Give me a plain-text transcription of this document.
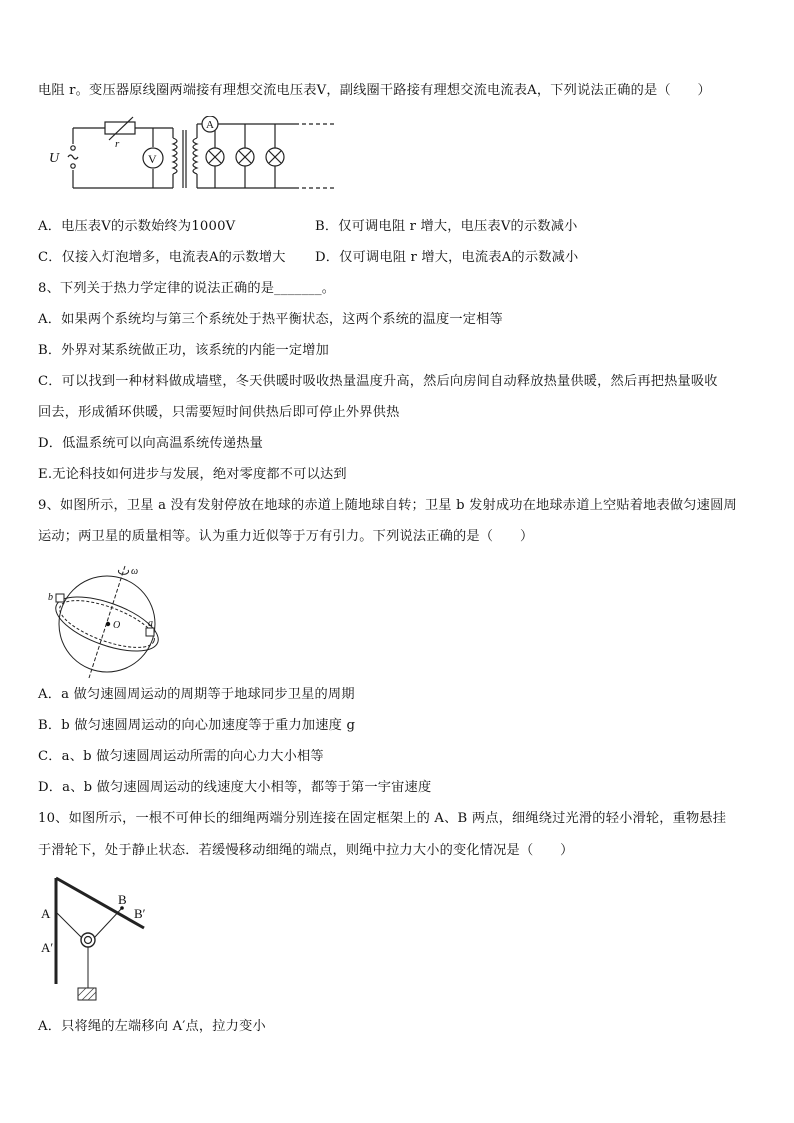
电阻 r。变压器原线圈两端接有理想交流电压表V，副线圈干路接有理想交流电流表A，下列说法正确的是（　　）
U
r
V
A
A．电压表V的示数始终为1000V	B．仅可调电阻 r 增大，电压表V的示数减小
C．仅接入灯泡增多，电流表A的示数增大 D．仅可调电阻 r 增大，电流表A的示数减小
8、下列关于热力学定律的说法正确的是_______。
A．如果两个系统均与第三个系统处于热平衡状态，这两个系统的温度一定相等
B．外界对某系统做正功，该系统的内能一定增加
C．可以找到一种材料做成墙壁，冬天供暖时吸收热量温度升高，然后向房间自动释放热量供暖，然后再把热量吸收
回去，形成循环供暖，只需要短时间供热后即可停止外界供热
D．低温系统可以向高温系统传递热量
E.无论科技如何进步与发展，绝对零度都不可以达到
9、如图所示，卫星 a 没有发射停放在地球的赤道上随地球自转；卫星 b 发射成功在地球赤道上空贴着地表做匀速圆周
运动；两卫星的质量相等。认为重力近似等于万有引力。下列说法正确的是（　　）
ω
O
b
a
A．a 做匀速圆周运动的周期等于地球同步卫星的周期
B．b 做匀速圆周运动的向心加速度等于重力加速度 g
C．a、b 做匀速圆周运动所需的向心力大小相等
D．a、b 做匀速圆周运动的线速度大小相等，都等于第一宇宙速度
10、如图所示，一根不可伸长的细绳两端分别连接在固定框架上的 A、B 两点，细绳绕过光滑的轻小滑轮，重物悬挂
于滑轮下，处于静止状态．若缓慢移动细绳的端点，则绳中拉力大小的变化情况是（　　）
A
A′
B
B′
A．只将绳的左端移向 A′点，拉力变小
